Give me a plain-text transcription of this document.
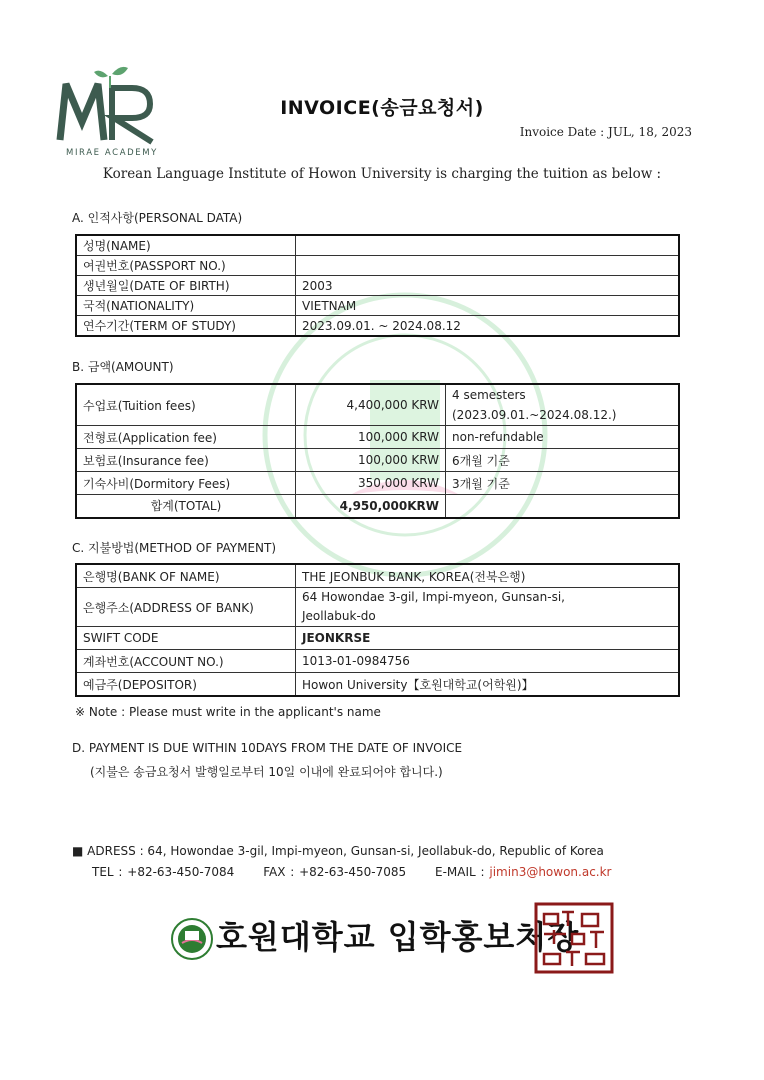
MIRAE ACADEMY
INVOICE(송금요청서)
Invoice Date : JUL, 18, 2023
Korean Language Institute of Howon University is charging the tuition as below :
A. 인적사항(PERSONAL DATA)
성명(NAME)	
여권번호(PASSPORT NO.)	
생년월일(DATE OF BIRTH)	2003
국적(NATIONALITY)	VIETNAM
연수기간(TERM OF STUDY)	2023.09.01. ~ 2024.08.12
B. 금액(AMOUNT)
수업료(Tuition fees)	4,400,000 KRW	4 semesters
(2023.09.01.~2024.08.12.)

전형료(Application fee)	100,000 KRW	non-refundable
보험료(Insurance fee)	100,000 KRW	6개월 기준
기숙사비(Dormitory Fees)	350,000 KRW	3개월 기준
합계(TOTAL)	4,950,000KRW	
C. 지불방법(METHOD OF PAYMENT)
은행명(BANK OF NAME)	THE JEONBUK BANK, KOREA(전북은행)
은행주소(ADDRESS OF BANK)	64 Howondae 3-gil, Impi-myeon, Gunsan-si,
Jeollabuk-do

SWIFT CODE	JEONKRSE
계좌번호(ACCOUNT NO.)	1013-01-0984756
예금주(DEPOSITOR)	Howon University【호원대학교(어학원)】
※ Note : Please must write in the applicant's name
D. PAYMENT IS DUE WITHIN 10DAYS FROM THE DATE OF INVOICE
(지불은 송금요청서 발행일로부터 10일 이내에 완료되어야 합니다.)
■ ADRESS : 64, Howondae 3-gil, Impi-myeon, Gunsan-si, Jeollabuk-do, Republic of Korea
TEL : +82-63-450-7084 FAX : +82-63-450-7085 E-MAIL : jimin3@howon.ac.kr
호원대학교 입학홍보처장
